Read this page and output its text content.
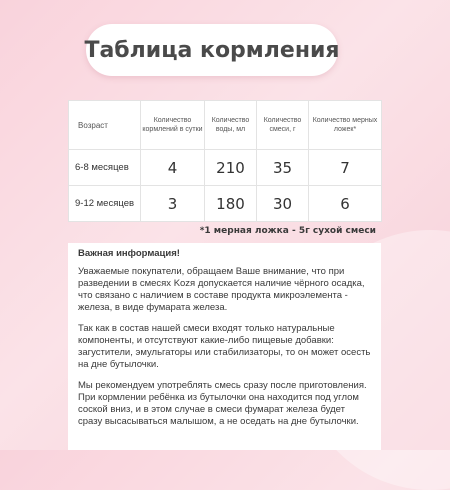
Таблица кормления
Возраст	Количество кормлений в сутки	Количество воды, мл	Количество смеси, г	Количество мерных ложек*
6-8 месяцев	4	210	35	7
9-12 месяцев	3	180	30	6
*1 мерная ложка - 5г сухой смеси
Важная информация!

Уважаемые покупатели, обращаем Ваше внимание, что при разведении в смесях Kozя допускается наличие чёрного осадка, что связано с наличием в составе продукта микроэлемента - железа, в виде фумарата железа.

Так как в состав нашей смеси входят только натуральные компоненты, и отсутствуют какие-либо пищевые добавки: загустители, эмульгаторы или стабилизаторы, то он может осесть на дне бутылочки.

Мы рекомендуем употреблять смесь сразу после приготовления. При кормлении ребёнка из бутылочки она находится под углом соской вниз, и в этом случае в смеси фумарат железа будет сразу высасываться малышом, а не оседать на дне бутылочки.
